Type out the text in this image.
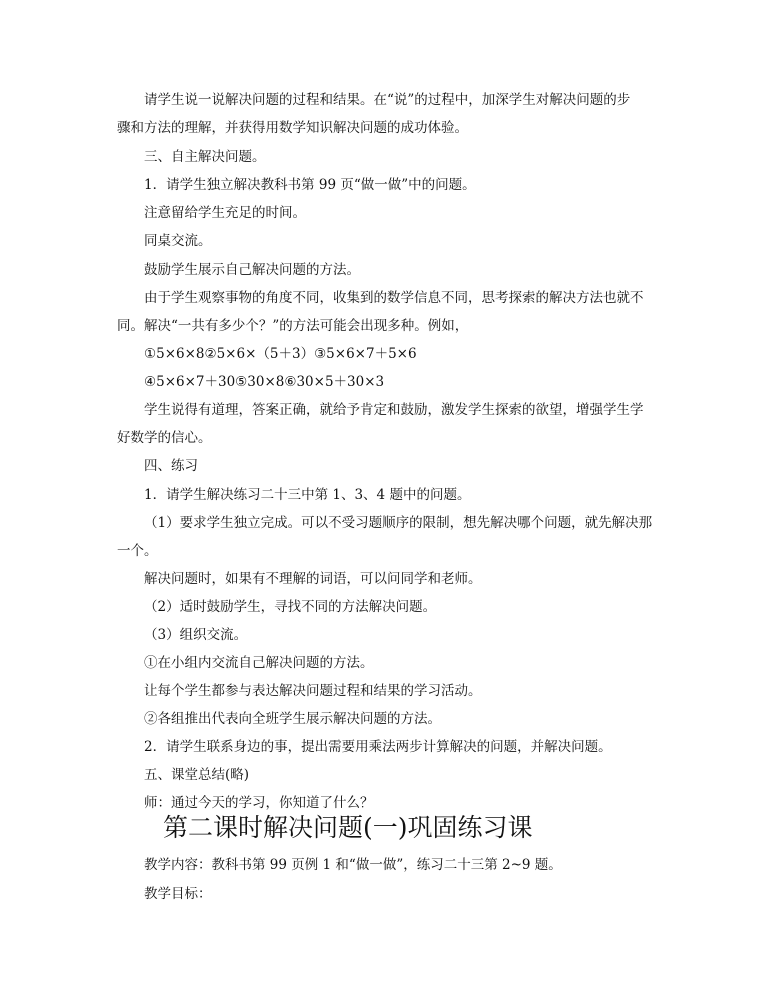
请学生说一说解决问题的过程和结果。在“说”的过程中，加深学生对解决问题的步
骤和方法的理解，并获得用数学知识解决问题的成功体验。
三、自主解决问题。
1．请学生独立解决教科书第 99 页“做一做”中的问题。
注意留给学生充足的时间。
同桌交流。
鼓励学生展示自己解决问题的方法。
由于学生观察事物的角度不同，收集到的数学信息不同，思考探索的解决方法也就不
同。解决“一共有多少个？”的方法可能会出现多种。例如，
①5×6×8②5×6×（5＋3）③5×6×7＋5×6
④5×6×7＋30⑤30×8⑥30×5＋30×3
学生说得有道理，答案正确，就给予肯定和鼓励，激发学生探索的欲望，增强学生学
好数学的信心。
四、练习
1．请学生解决练习二十三中第 1、3、4 题中的问题。
（1）要求学生独立完成。可以不受习题顺序的限制，想先解决哪个问题，就先解决那
一个。
解决问题时，如果有不理解的词语，可以问同学和老师。
（2）适时鼓励学生，寻找不同的方法解决问题。
（3）组织交流。
①在小组内交流自己解决问题的方法。
让每个学生都参与表达解决问题过程和结果的学习活动。
②各组推出代表向全班学生展示解决问题的方法。
2．请学生联系身边的事，提出需要用乘法两步计算解决的问题，并解决问题。
五、课堂总结(略)
师：通过今天的学习，你知道了什么？
第二课时解决问题(一)巩固练习课
教学内容：教科书第 99 页例 1 和“做一做”，练习二十三第 2~9 题。
教学目标：
